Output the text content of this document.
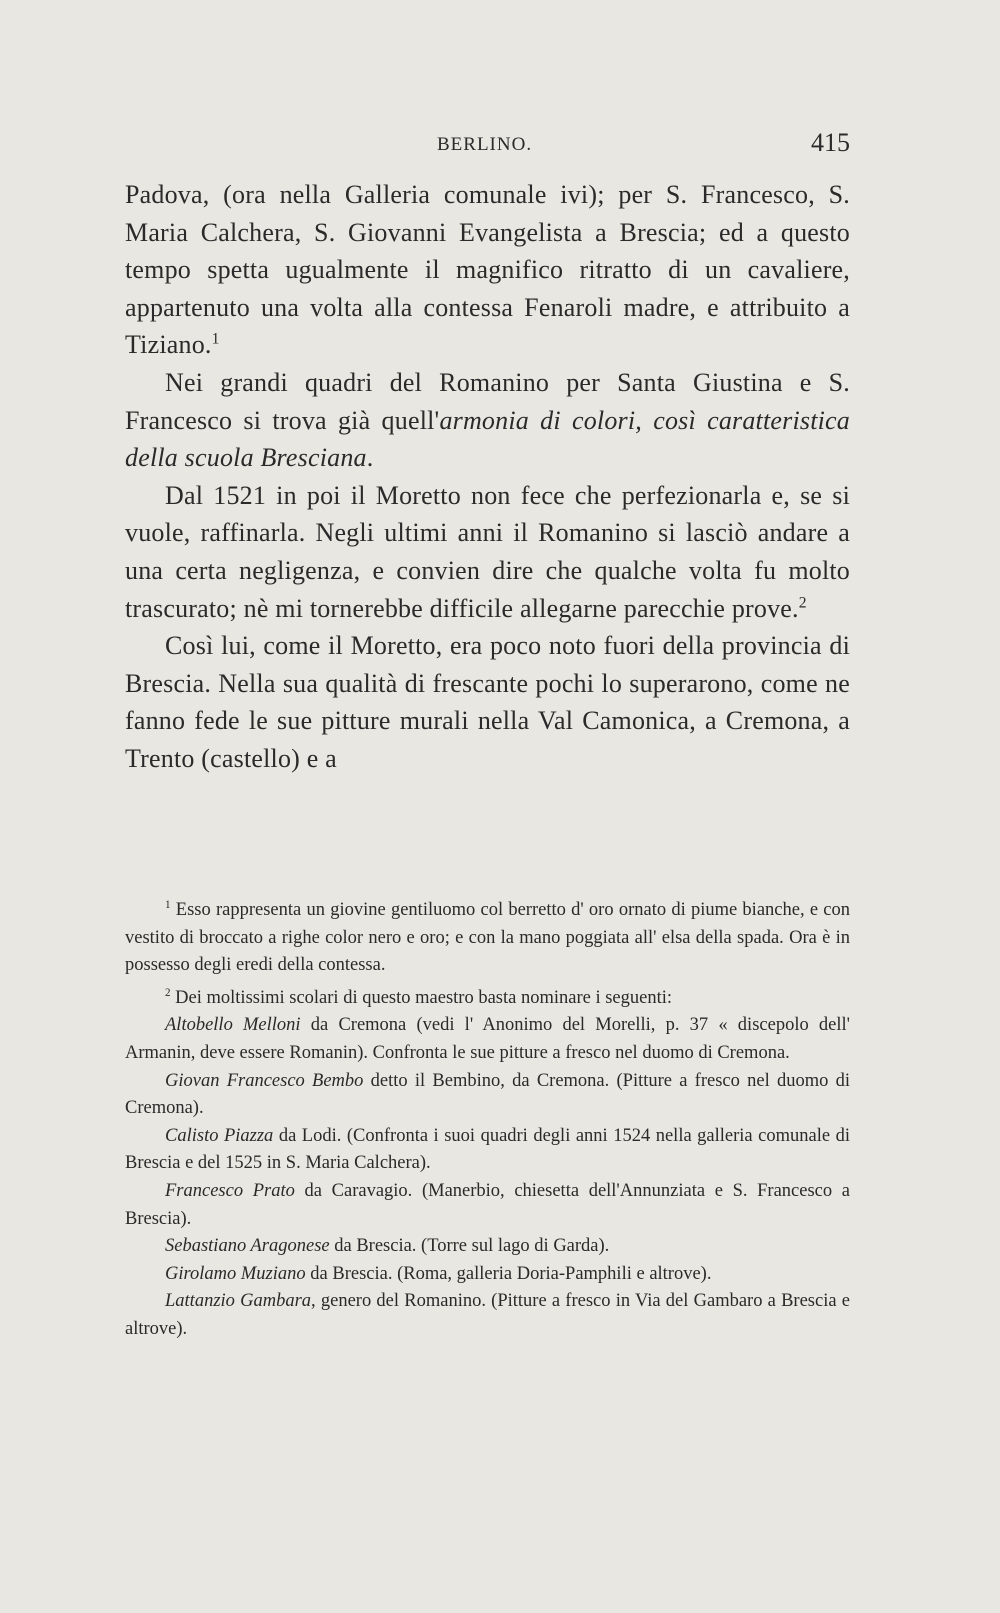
BERLINO.	415

Padova, (ora nella Galleria comunale ivi); per S. Francesco, S. Maria Calchera, S. Giovanni Evangelista a Brescia; ed a questo tempo spetta ugualmente il magnifico ritratto di un cavaliere, appartenuto una volta alla contessa Fenaroli madre, e attribuito a Tiziano.$^1$

Nei grandi quadri del Romanino per Santa Giustina e S. Francesco si trova già quell'armonia di colori, così caratteristica della scuola Bresciana.

Dal 1521 in poi il Moretto non fece che perfezionarla e, se si vuole, raffinarla. Negli ultimi anni il Romanino si lasciò andare a una certa negligenza, e convien dire che qualche volta fu molto trascurato; nè mi tornerebbe difficile allegarne parecchie prove.$^2$

Così lui, come il Moretto, era poco noto fuori della provincia di Brescia. Nella sua qualità di frescante pochi lo superarono, come ne fanno fede le sue pitture murali nella Val Camonica, a Cremona, a Trento (castello) e a

$^1$ Esso rappresenta un giovine gentiluomo col berretto d' oro ornato di piume bianche, e con vestito di broccato a righe color nero e oro; e con la mano poggiata all' elsa della spada. Ora è in possesso degli eredi della contessa.

$^2$ Dei moltissimi scolari di questo maestro basta nominare i seguenti:

Altobello Melloni da Cremona (vedi l' Anonimo del Morelli, p. 37 « discepolo dell' Armanin, deve essere Romanin). Confronta le sue pitture a fresco nel duomo di Cremona.

Giovan Francesco Bembo detto il Bembino, da Cremona. (Pitture a fresco nel duomo di Cremona).

Calisto Piazza da Lodi. (Confronta i suoi quadri degli anni 1524 nella galleria comunale di Brescia e del 1525 in S. Maria Calchera).

Francesco Prato da Caravagio. (Manerbio, chiesetta dell'Annunziata e S. Francesco a Brescia).

Sebastiano Aragonese da Brescia. (Torre sul lago di Garda).

Girolamo Muziano da Brescia. (Roma, galleria Doria-Pamphili e altrove).

Lattanzio Gambara, genero del Romanino. (Pitture a fresco in Via del Gambaro a Brescia e altrove).
